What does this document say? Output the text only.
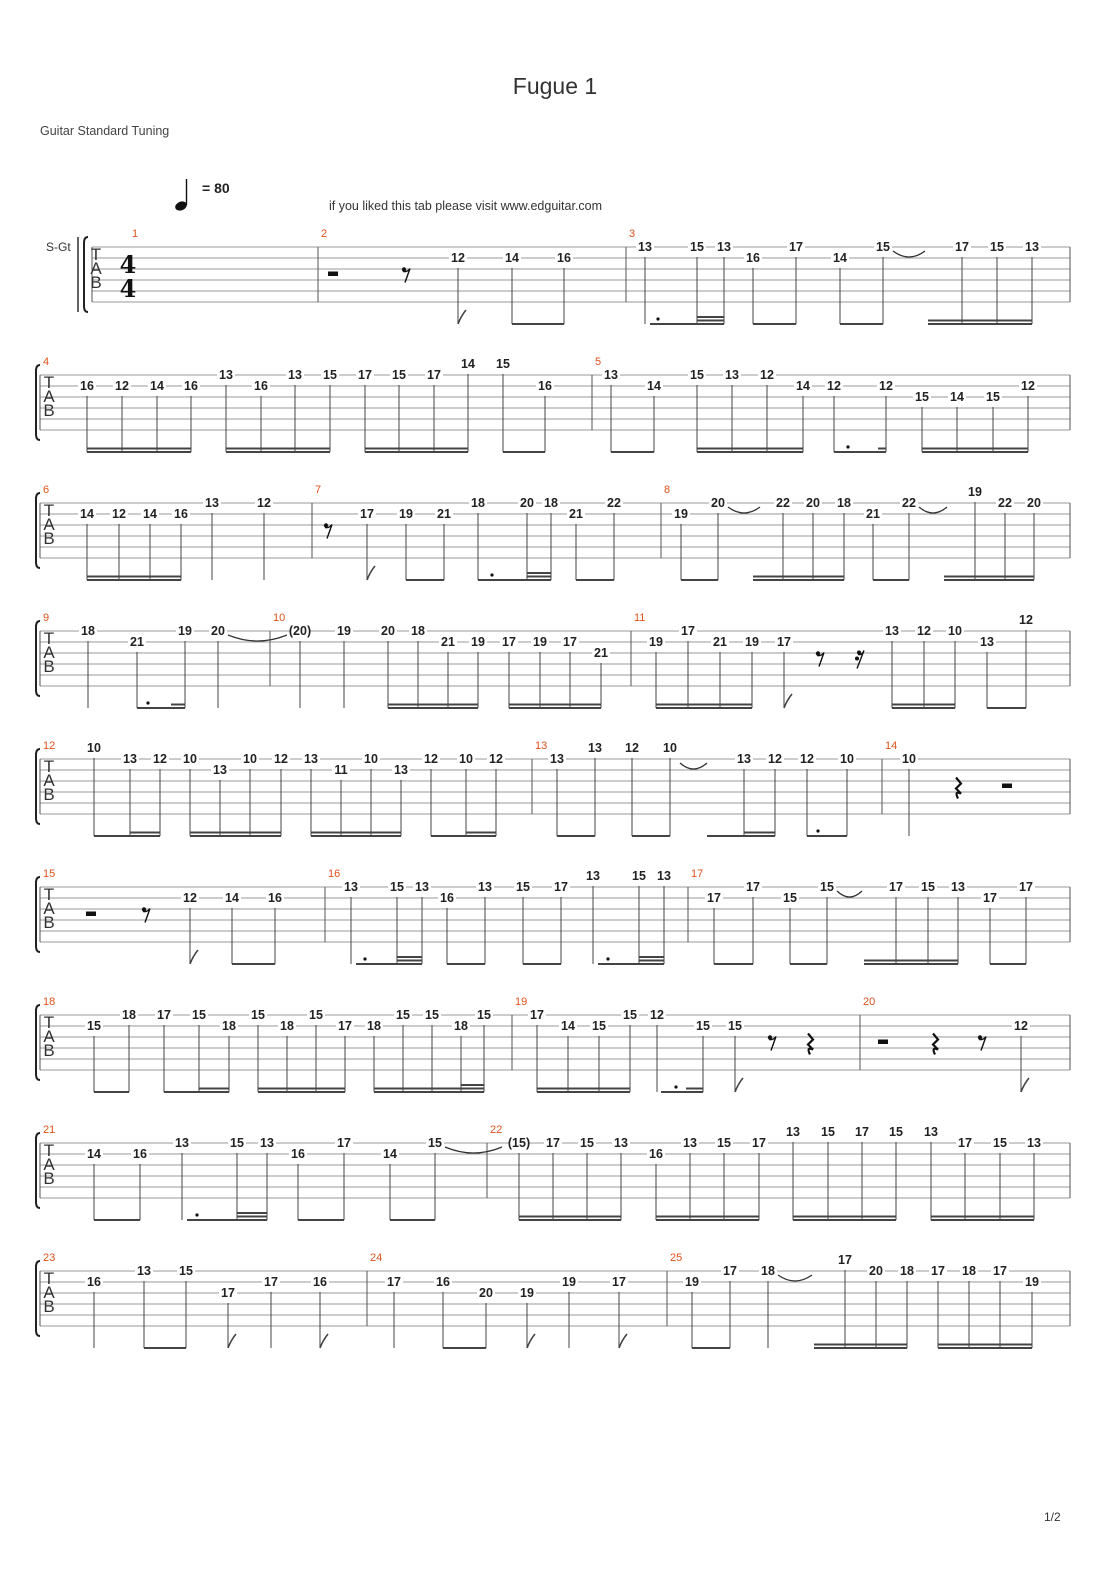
Fugue 1
Guitar Standard Tuning
= 80
if you liked this tab please visit www.edguitar.com
S-Gt
1/2
T
A
B
T
A
B
T
A
B
T
A
B
T
A
B
T
A
B
T
A
B
T
A
B
T
A
B
4
4
1	2
12	14	16
3
13	15 13
16
17
14
15	17 15 13
4
16 12 14 16
13
16
13 15 17 15 17
14 15
16
5
13
14
15 13 12
14 12	12
15 14 15
12
6
14 12 14 16
13	12
7
17 19 21
18	20 18
21
22
8
19
20	22 20 18
21
22
19
22 20
9
18
21
19 20
10
(20) 19 20 18
21 19 17 19 17
21
11
19
17
21 19 17
13 12 10
13
12
12	10
13 12 10
13
10 12 13
11
10
13
12 10 12
13
13
13 12 10
13 12 12 10
14
10
15
12 14 16
16
13	15 13
16
13 15 17
13	15 13 17
17
17
15
15	17 15 13
17
17
18
15
18 17 15
18
15
18
15
17 18
15 15
18
15
19
17
14 15
15 12
15 15
20
12
21
14	16
13	15 13
16
17
14
15
22
(15) 17 15 13
16
13 15 17
13 15 17 15 13
17 15 13
23
16
13 15
17
17	16
24
17	16
20 19
19	17
25
19
17 18
17
20 18 17 18 17
19
